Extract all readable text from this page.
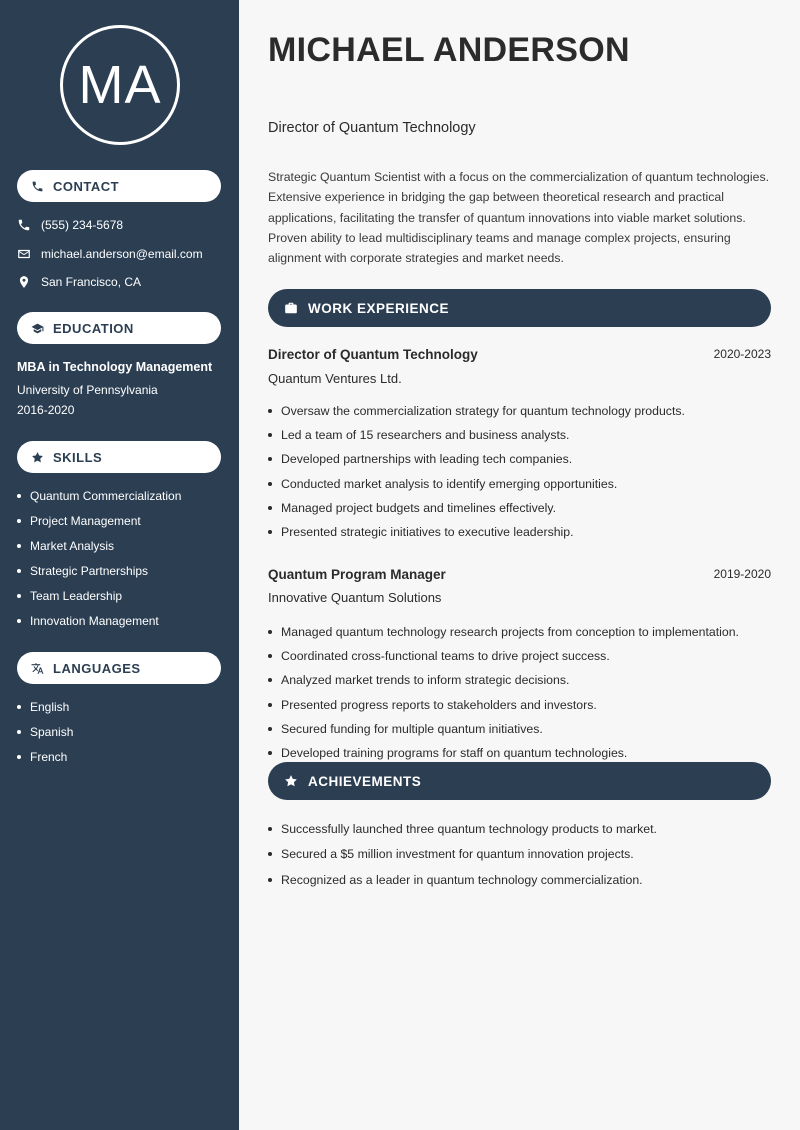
MA
CONTACT
(555) 234-5678
michael.anderson@email.com
San Francisco, CA
EDUCATION
MBA in Technology Management
University of Pennsylvania
2016-2020
SKILLS
Quantum Commercialization
Project Management
Market Analysis
Strategic Partnerships
Team Leadership
Innovation Management
LANGUAGES
English
Spanish
French
MICHAEL ANDERSON
Director of Quantum Technology

Strategic Quantum Scientist with a focus on the commercialization of quantum technologies. Extensive experience in bridging the gap between theoretical research and practical applications, facilitating the transfer of quantum innovations into viable market solutions. Proven ability to lead multidisciplinary teams and manage complex projects, ensuring alignment with corporate strategies and market needs.

WORK EXPERIENCE
Director of Quantum Technology	2020-2023
Quantum Ventures Ltd.
Oversaw the commercialization strategy for quantum technology products.
Led a team of 15 researchers and business analysts.
Developed partnerships with leading tech companies.
Conducted market analysis to identify emerging opportunities.
Managed project budgets and timelines effectively.
Presented strategic initiatives to executive leadership.
Quantum Program Manager	2019-2020
Innovative Quantum Solutions
Managed quantum technology research projects from conception to implementation.
Coordinated cross-functional teams to drive project success.
Analyzed market trends to inform strategic decisions.
Presented progress reports to stakeholders and investors.
Secured funding for multiple quantum initiatives.
Developed training programs for staff on quantum technologies.
ACHIEVEMENTS
Successfully launched three quantum technology products to market.
Secured a $5 million investment for quantum innovation projects.
Recognized as a leader in quantum technology commercialization.
